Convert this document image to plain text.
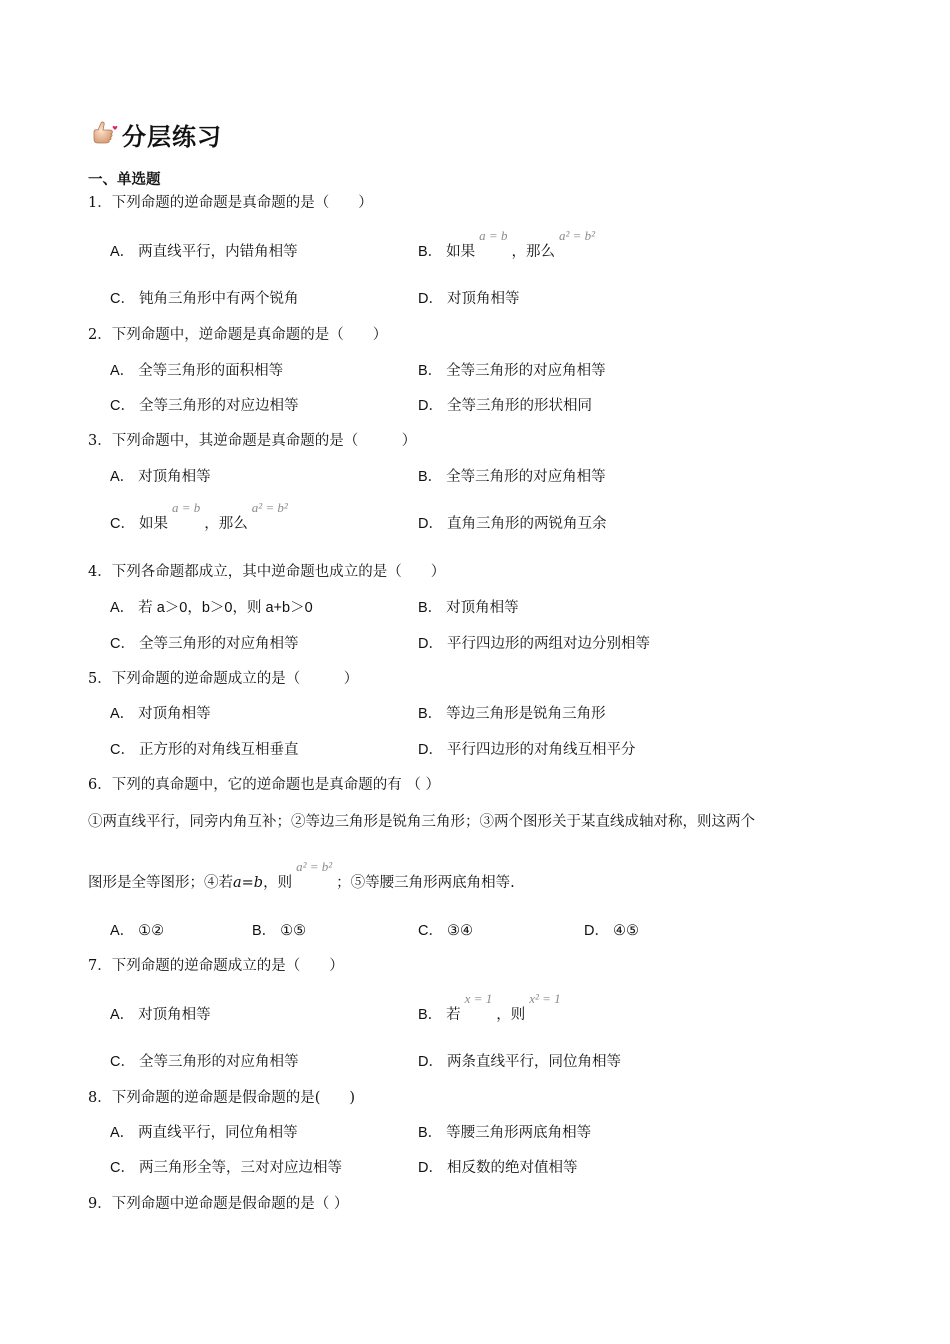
分层练习
一、单选题
1．下列命题的逆命题是真命题的是（　　）
A． 两直线平行，内错角相等	B． 如果
a = b
，那么
a² = b²
C． 钝角三角形中有两个锐角	D． 对顶角相等
2．下列命题中，逆命题是真命题的是（　　）
A． 全等三角形的面积相等	B． 全等三角形的对应角相等
C． 全等三角形的对应边相等	D． 全等三角形的形状相同
3．下列命题中，其逆命题是真命题的是（　　　）
A． 对顶角相等	B． 全等三角形的对应角相等
C． 如果
a = b
，那么
a² = b²
D． 直角三角形的两锐角互余
4．下列各命题都成立，其中逆命题也成立的是（　　）
A． 若 a＞0，b＞0，则 a+b＞0	B． 对顶角相等
C． 全等三角形的对应角相等	D． 平行四边形的两组对边分别相等
5．下列命题的逆命题成立的是（　　　）
A． 对顶角相等	B． 等边三角形是锐角三角形
C． 正方形的对角线互相垂直	D． 平行四边形的对角线互相平分
6．下列的真命题中，它的逆命题也是真命题的有 （ ）
①两直线平行，同旁内角互补；②等边三角形是锐角三角形；③两个图形关于某直线成轴对称，则这两个
图形是全等图形；④若 a=b ，则
a² = b²
；⑤等腰三角形两底角相等.
A． ①②	B． ①⑤	C． ③④	D． ④⑤
7．下列命题的逆命题成立的是（　　）
A． 对顶角相等	B． 若
x = 1
，则
x² = 1
C． 全等三角形的对应角相等	D． 两条直线平行，同位角相等
8．下列命题的逆命题是假命题的是(　　)
A． 两直线平行，同位角相等	B． 等腰三角形两底角相等
C． 两三角形全等，三对对应边相等	D． 相反数的绝对值相等
9．下列命题中逆命题是假命题的是（ ）
